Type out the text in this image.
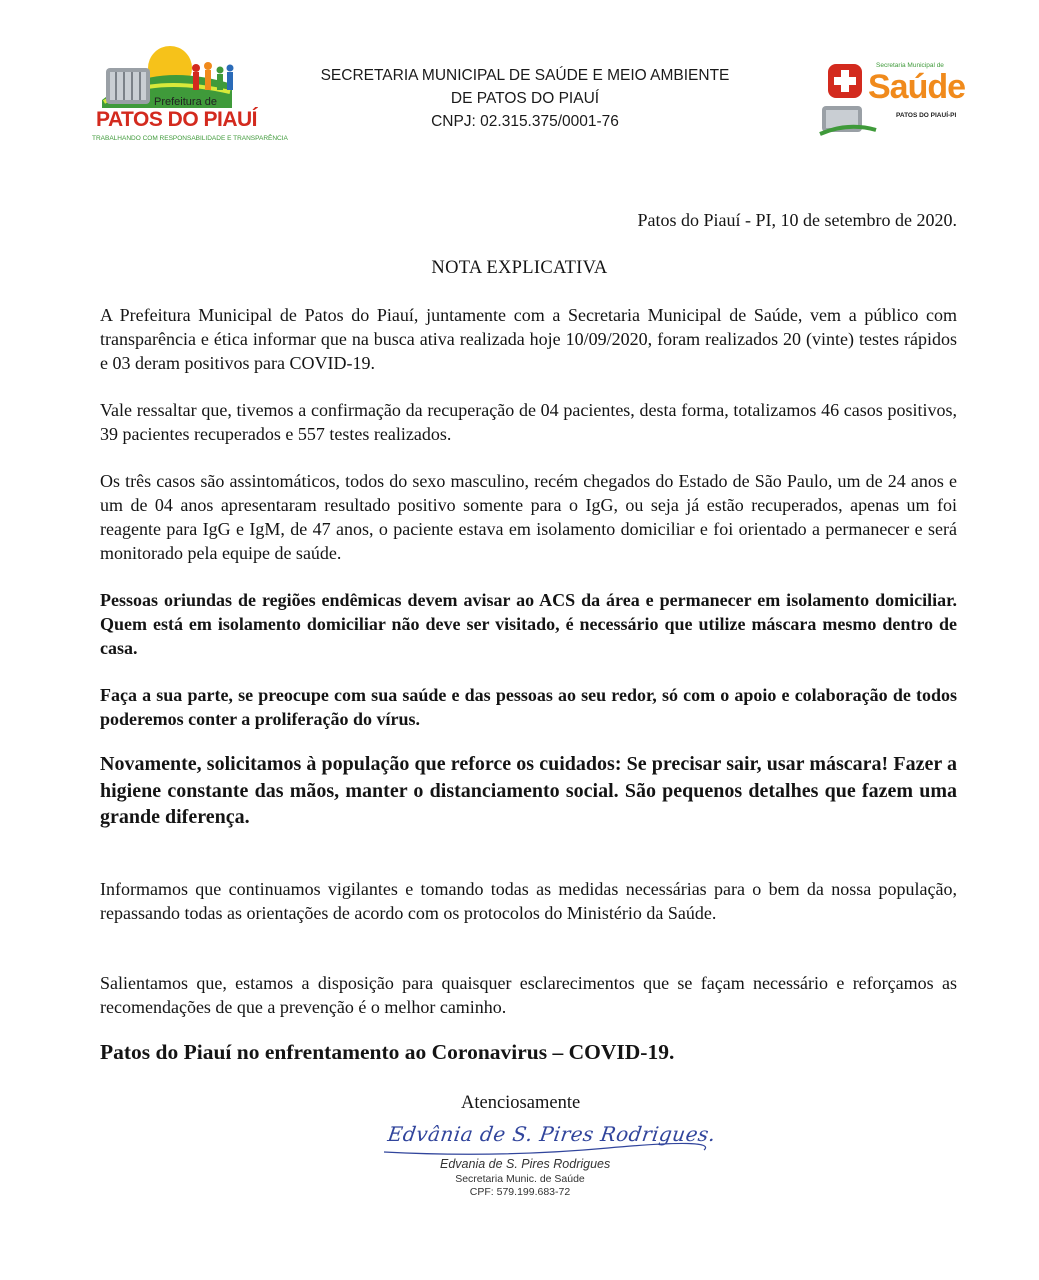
Prefeitura de
PATOS DO PIAUÍ
TRABALHANDO COM RESPONSABILIDADE E TRANSPARÊNCIA
SECRETARIA MUNICIPAL DE SAÚDE E MEIO AMBIENTE
DE PATOS DO PIAUÍ
CNPJ: 02.315.375/0001-76
Secretaria Municipal de
Saúde
PATOS DO PIAUÍ-PI
Patos do Piauí - PI, 10 de setembro de 2020.
NOTA EXPLICATIVA

A Prefeitura Municipal de Patos do Piauí, juntamente com a Secretaria Municipal de Saúde, vem a público com transparência e ética informar que na busca ativa realizada hoje 10/09/2020, foram realizados 20 (vinte) testes rápidos e 03 deram positivos para COVID-19.

Vale ressaltar que, tivemos a confirmação da recuperação de 04 pacientes, desta forma, totalizamos 46 casos positivos, 39 pacientes recuperados e 557 testes realizados.

Os três casos são assintomáticos, todos do sexo masculino, recém chegados do Estado de São Paulo, um de 24 anos e um de 04 anos apresentaram resultado positivo somente para o IgG, ou seja já estão recuperados, apenas um foi reagente para IgG e IgM, de 47 anos, o paciente estava em isolamento domiciliar e foi orientado a permanecer e será monitorado pela equipe de saúde.

Pessoas oriundas de regiões endêmicas devem avisar ao ACS da área e permanecer em isolamento domiciliar. Quem está em isolamento domiciliar não deve ser visitado, é necessário que utilize máscara mesmo dentro de casa.

Faça a sua parte, se preocupe com sua saúde e das pessoas ao seu redor, só com o apoio e colaboração de todos poderemos conter a proliferação do vírus.

Novamente, solicitamos à população que reforce os cuidados: Se precisar sair, usar máscara! Fazer a higiene constante das mãos, manter o distanciamento social. São pequenos detalhes que fazem uma grande diferença.

Informamos que continuamos vigilantes e tomando todas as medidas necessárias para o bem da nossa população, repassando todas as orientações de acordo com os protocolos do Ministério da Saúde.

Salientamos que, estamos a disposição para quaisquer esclarecimentos que se façam necessário e reforçamos as recomendações de que a prevenção é o melhor caminho.

Patos do Piauí no enfrentamento ao Coronavirus – COVID-19.
Atenciosamente
Edvânia de S. Pires Rodrigues.
Edvania de S. Pires Rodrigues
Secretaria Munic. de Saúde
CPF: 579.199.683-72
